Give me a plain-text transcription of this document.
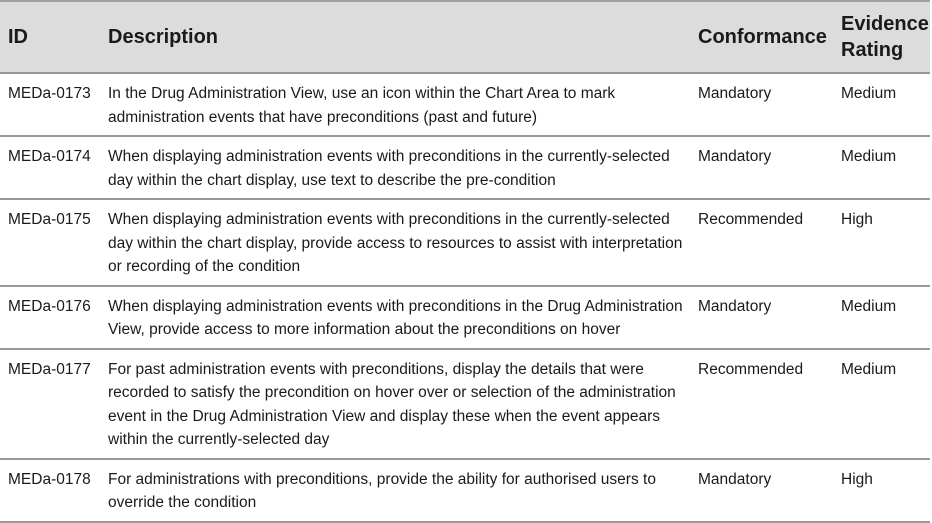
ID	Description	Conformance	Evidence
Rating

MEDa-0173	In the Drug Administration View, use an icon within the Chart Area to mark administration events that have preconditions (past and future)	Mandatory	Medium

MEDa-0174	When displaying administration events with preconditions in the currently-selected day within the chart display, use text to describe the pre-condition	Mandatory	Medium

MEDa-0175	When displaying administration events with preconditions in the currently-selected day within the chart display, provide access to resources to assist with interpretation or recording of the condition	Recommended	High

MEDa-0176	When displaying administration events with preconditions in the Drug Administration View, provide access to more information about the preconditions on hover	Mandatory	Medium

MEDa-0177	For past administration events with preconditions, display the details that were recorded to satisfy the precondition on hover over or selection of the administration event in the Drug Administration View and display these when the event appears within the currently-selected day	Recommended	Medium

MEDa-0178	For administrations with preconditions, provide the ability for authorised users to override the condition	Mandatory	High
